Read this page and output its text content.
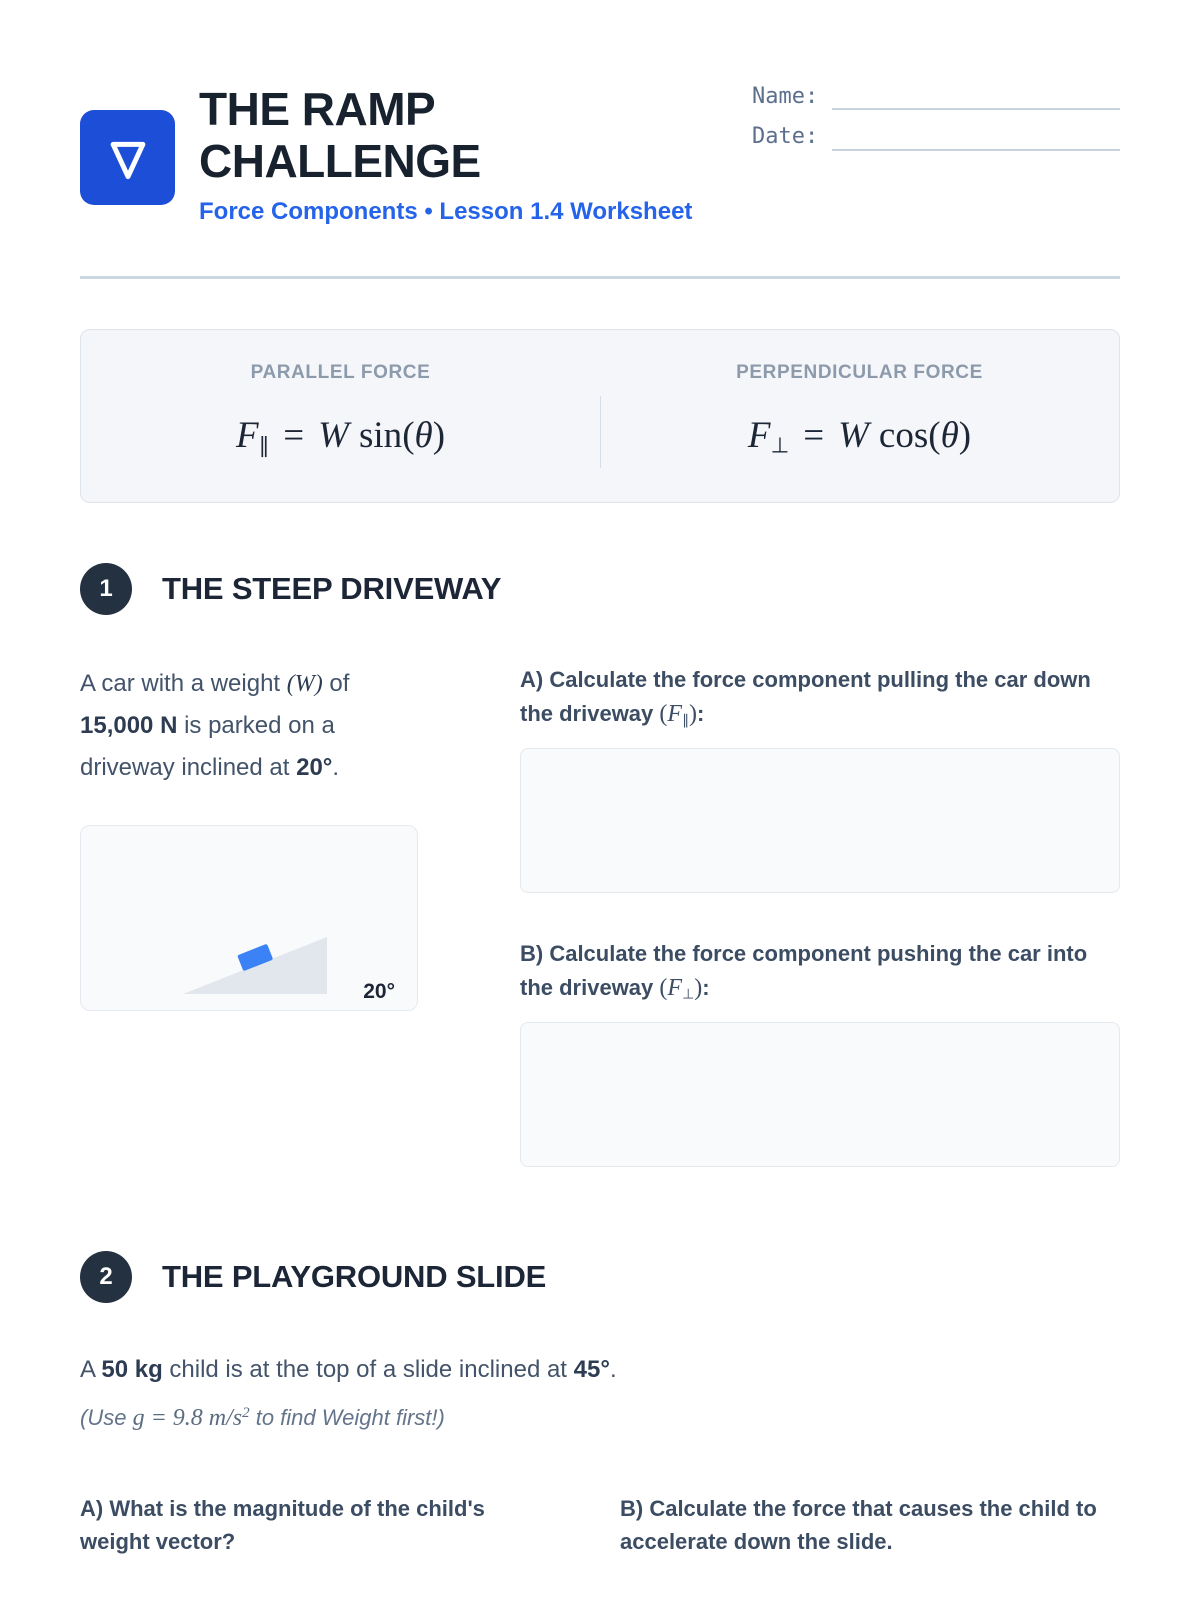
THE RAMP
CHALLENGE
Force Components • Lesson 1.4 Worksheet
Name:
Date:
PARALLEL FORCE
F∥ = W sin(θ)
PERPENDICULAR FORCE
F⊥ = W cos(θ)
1	THE STEEP DRIVEWAY

A car with a weight (W) of 15,000 N is parked on a driveway inclined at 20°.

20°

A) Calculate the force component pulling the car down the driveway (F∥):

B) Calculate the force component pushing the car into the driveway (F⊥):

2	THE PLAYGROUND SLIDE

A 50 kg child is at the top of a slide inclined at 45°.

(Use g = 9.8 $m/s^2$ to find Weight first!)

A) What is the magnitude of the child's weight vector?

B) Calculate the force that causes the child to accelerate down the slide.
